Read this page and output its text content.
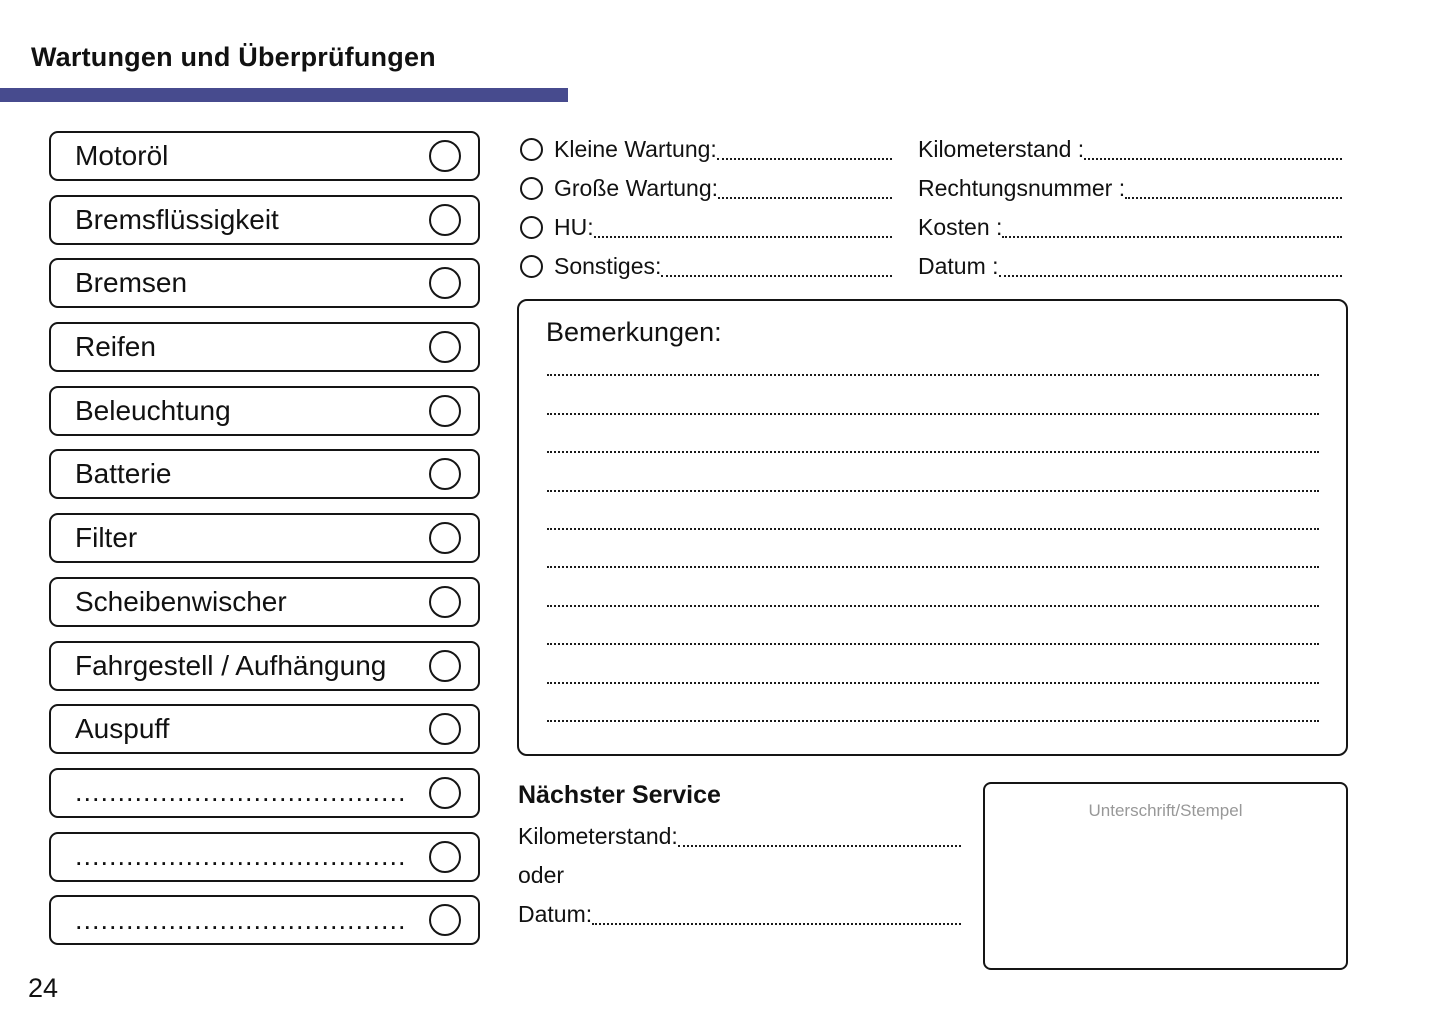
Wartungen und Überprüfungen
Motoröl
Bremsflüssigkeit
Bremsen
Reifen
Beleuchtung
Batterie
Filter
Scheibenwischer
Fahrgestell / Aufhängung
Auspuff
.......................................
.......................................
.......................................
Kleine Wartung:
Große Wartung:
HU:
Sonstiges:
Kilometerstand :
Rechtungsnummer :
Kosten :
Datum :
Bemerkungen:
Nächster Service
Kilometerstand:
oder
Datum:
Unterschrift/Stempel
24
